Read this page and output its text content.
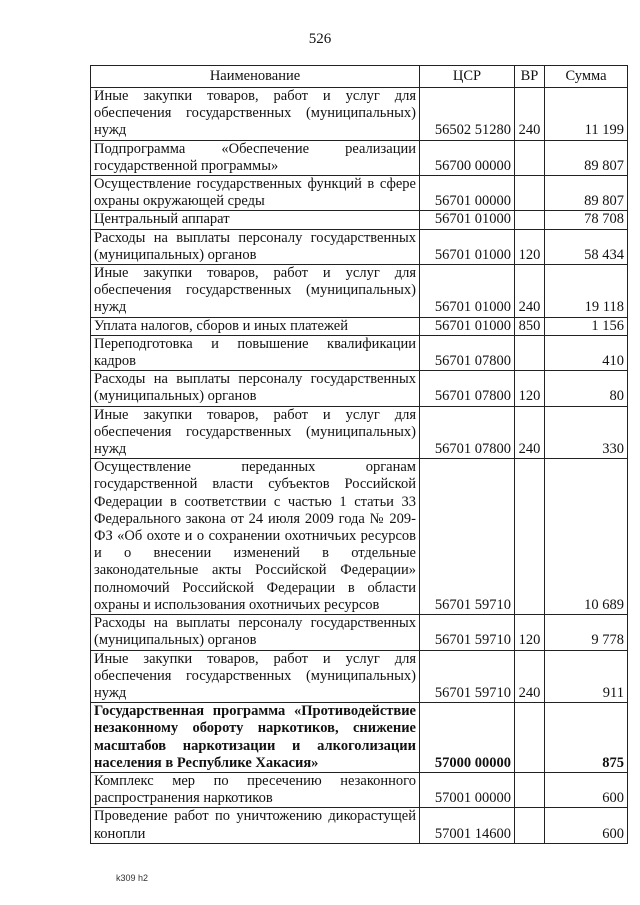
526
Наименование	ЦСР	ВР	Сумма
Иные закупки товаров, работ и услуг для обеспечения государственных (муниципальных) нужд	56502 51280	240	11 199
Подпрограмма «Обеспечение реализации государственной программы»	56700 00000		89 807
Осуществление государственных функций в сфере охраны окружающей среды	56701 00000		89 807
Центральный аппарат	56701 01000		78 708
Расходы на выплаты персоналу государственных (муниципальных) органов	56701 01000	120	58 434
Иные закупки товаров, работ и услуг для обеспечения государственных (муниципальных) нужд	56701 01000	240	19 118
Уплата налогов, сборов и иных платежей	56701 01000	850	1 156
Переподготовка и повышение квалификации кадров	56701 07800		410
Расходы на выплаты персоналу государственных (муниципальных) органов	56701 07800	120	80
Иные закупки товаров, работ и услуг для обеспечения государственных (муниципальных) нужд	56701 07800	240	330
Осуществление переданных органам государственной власти субъектов Российской Федерации в соответствии с частью 1 статьи 33 Федерального закона от 24 июля 2009 года № 209-ФЗ «Об охоте и о сохранении охотничьих ресурсов и о внесении изменений в отдельные законодательные акты Российской Федерации» полномочий Российской Федерации в области охраны и использования охотничьих ресурсов	56701 59710		10 689
Расходы на выплаты персоналу государственных (муниципальных) органов	56701 59710	120	9 778
Иные закупки товаров, работ и услуг для обеспечения государственных (муниципальных) нужд	56701 59710	240	911
Государственная программа «Противодействие незаконному обороту наркотиков, снижение масштабов наркотизации и алкоголизации населения в Республике Хакасия»	57000 00000		875
Комплекс мер по пресечению незаконного распространения наркотиков	57001 00000		600
Проведение работ по уничтожению дикорастущей конопли	57001 14600		600
k309 h2
